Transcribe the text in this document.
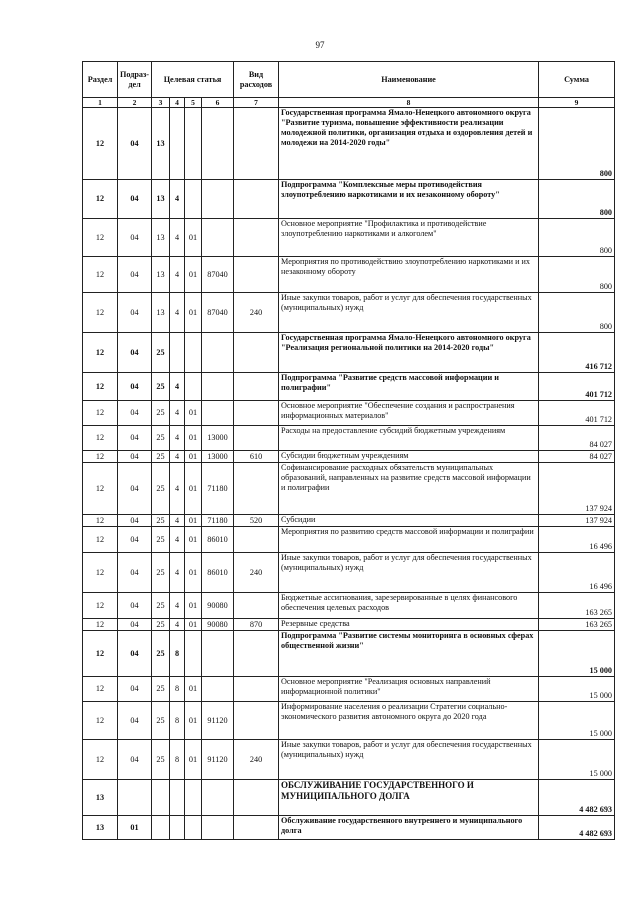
97
Раздел	Подраз-дел	Целевая статья				Вид расходов	Наименование	Сумма
1	2	3	4	5	6	7	8	9
12	04	13					Государственная программа Ямало-Ненецкого автономного округа "Развитие туризма, повышение эффективности реализации молодежной политики, организация отдыха и оздоровления детей и молодежи на 2014-2020 годы"	800
12	04	13	4				Подпрограмма "Комплексные меры противодействия злоупотреблению наркотиками и их незаконному обороту"	800
12	04	13	4	01			Основное мероприятие "Профилактика и противодействие злоупотреблению наркотиками и алкоголем"	800
12	04	13	4	01	87040		Мероприятия по противодействию злоупотреблению наркотиками и их незаконному обороту	800
12	04	13	4	01	87040	240	Иные закупки товаров, работ и услуг для обеспечения государственных (муниципальных) нужд	800
12	04	25					Государственная программа Ямало-Ненецкого автономного округа "Реализация региональной политики на 2014-2020 годы"	416 712
12	04	25	4				Подпрограмма "Развитие средств массовой информации и полиграфии"	401 712
12	04	25	4	01			Основное мероприятие "Обеспечение создания и распространения информационных материалов"	401 712
12	04	25	4	01	13000		Расходы на предоставление субсидий бюджетным учреждениям	84 027
12	04	25	4	01	13000	610	Субсидии бюджетным учреждениям	84 027
12	04	25	4	01	71180		Софинансирование расходных обязательств муниципальных образований, направленных на развитие средств массовой информации и полиграфии	137 924
12	04	25	4	01	71180	520	Субсидии	137 924
12	04	25	4	01	86010		Мероприятия по развитию средств массовой информации и полиграфии	16 496
12	04	25	4	01	86010	240	Иные закупки товаров, работ и услуг для обеспечения государственных (муниципальных) нужд	16 496
12	04	25	4	01	90080		Бюджетные ассигнования, зарезервированные в целях финансового обеспечения целевых расходов	163 265
12	04	25	4	01	90080	870	Резервные средства	163 265
12	04	25	8				Подпрограмма "Развитие системы мониторинга в основных сферах общественной жизни"	15 000
12	04	25	8	01			Основное мероприятие "Реализация основных направлений информационной политики"	15 000
12	04	25	8	01	91120		Информирование населения о реализации Стратегии социально-экономического развития автономного округа до 2020 года	15 000
12	04	25	8	01	91120	240	Иные закупки товаров, работ и услуг для обеспечения государственных (муниципальных) нужд	15 000
13							ОБСЛУЖИВАНИЕ ГОСУДАРСТВЕННОГО И МУНИЦИПАЛЬНОГО ДОЛГА	4 482 693
13	01						Обслуживание государственного внутреннего и муниципального долга	4 482 693
